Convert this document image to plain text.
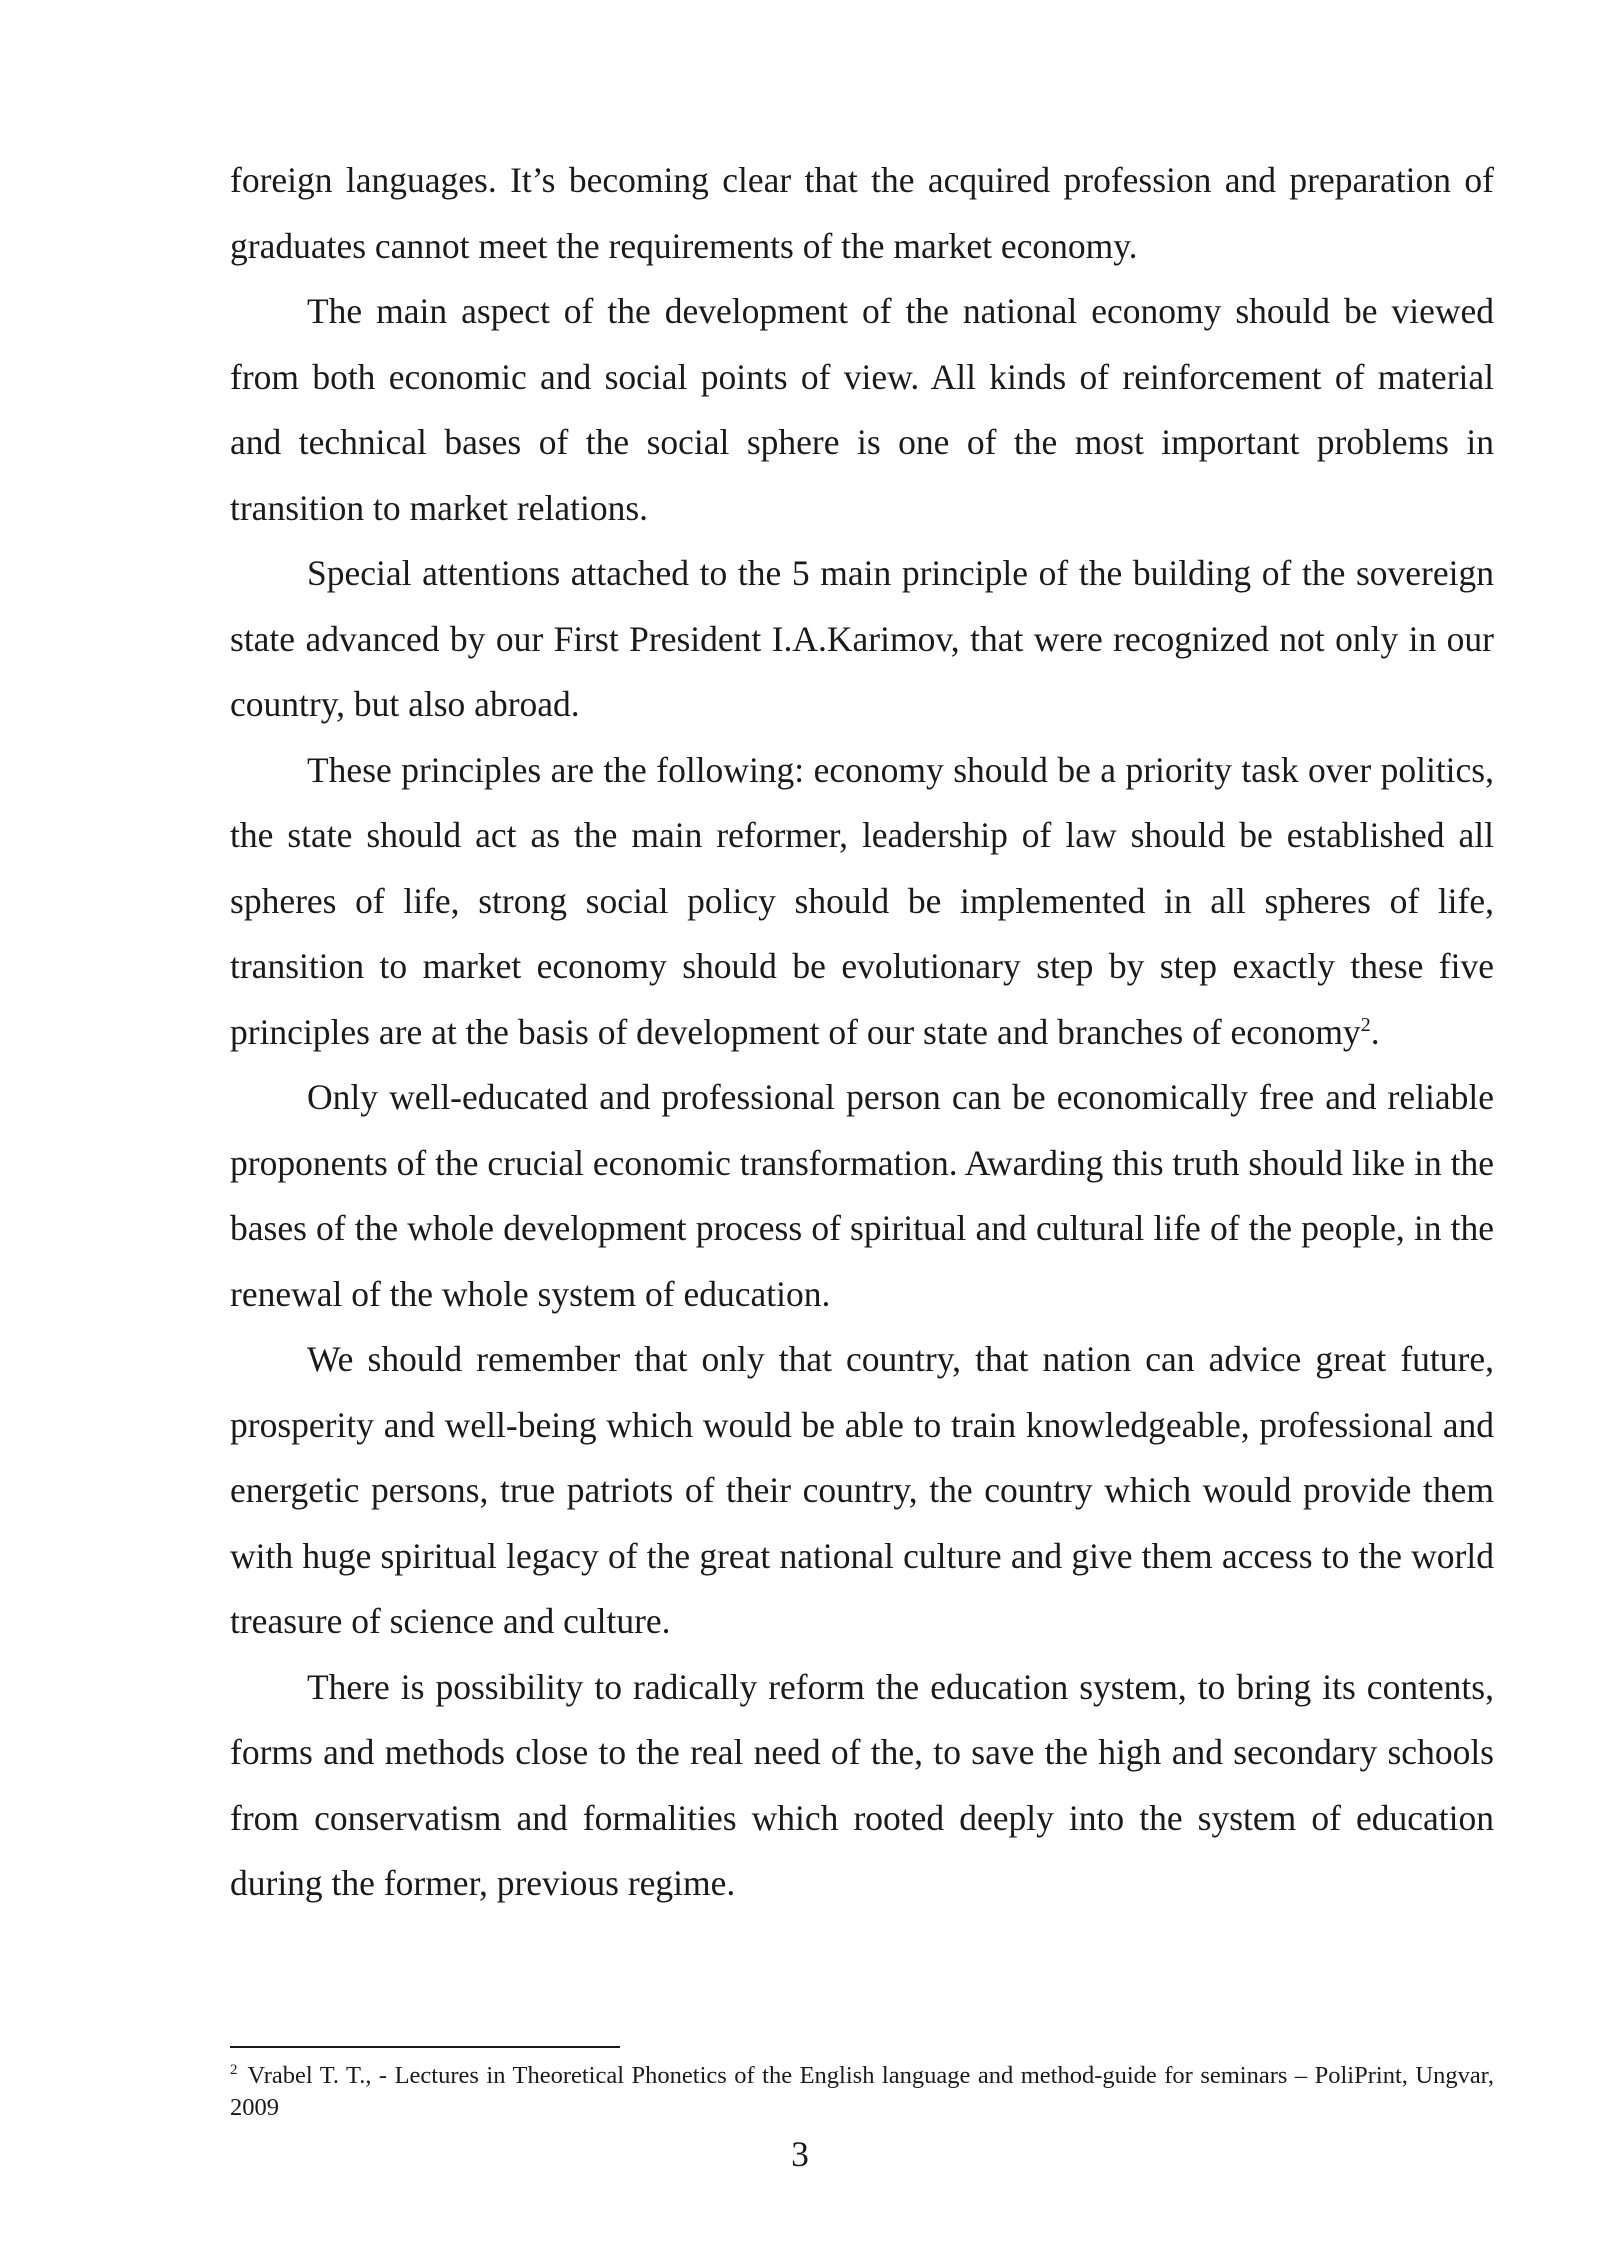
foreign languages. It’s becoming clear that the acquired profession and preparation of graduates cannot meet the requirements of the market economy.

The main aspect of the development of the national economy should be viewed from both economic and social points of view. All kinds of reinforcement of material and technical bases of the social sphere is one of the most important problems in transition to market relations.

Special attentions attached to the 5 main principle of the building of the sovereign state advanced by our First President I.A.Karimov, that were recognized not only in our country, but also abroad.

These principles are the following: economy should be a priority task over politics, the state should act as the main reformer, leadership of law should be established all spheres of life, strong social policy should be implemented in all spheres of life, transition to market economy should be evolutionary step by step exactly these five principles are at the basis of development of our state and branches of economy$^2$.

Only well-educated and professional person can be economically free and reliable proponents of the crucial economic transformation. Awarding this truth should like in the bases of the whole development process of spiritual and cultural life of the people, in the renewal of the whole system of education.

We should remember that only that country, that nation can advice great future, prosperity and well-being which would be able to train knowledgeable, professional and energetic persons, true patriots of their country, the country which would provide them with huge spiritual legacy of the great national culture and give them access to the world treasure of science and culture.

There is possibility to radically reform the education system, to bring its contents, forms and methods close to the real need of the, to save the high and secondary schools from conservatism and formalities which rooted deeply into the system of education during the former, previous regime.

$^2$ Vrabel T. T., - Lectures in Theoretical Phonetics of the English language and method-guide for seminars – PoliPrint, Ungvar, 2009

3
